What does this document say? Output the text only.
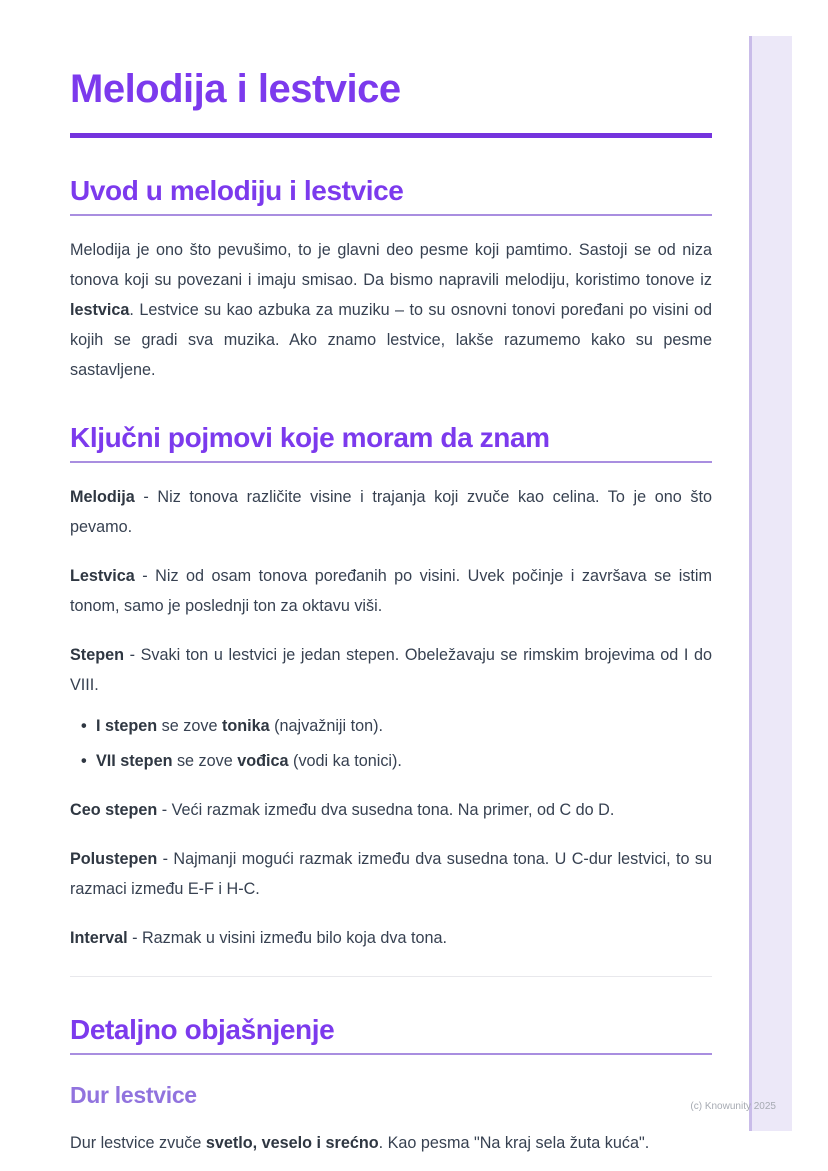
Melodija i lestvice
Uvod u melodiju i lestvice

Melodija je ono što pevušimo, to je glavni deo pesme koji pamtimo. Sastoji se od niza tonova koji su povezani i imaju smisao. Da bismo napravili melodiju, koristimo tonove iz lestvica. Lestvice su kao azbuka za muziku – to su osnovni tonovi poređani po visini od kojih se gradi sva muzika. Ako znamo lestvice, lakše razumemo kako su pesme sastavljene.

Ključni pojmovi koje moram da znam

Melodija - Niz tonova različite visine i trajanja koji zvuče kao celina. To je ono što pevamo.

Lestvica - Niz od osam tonova poređanih po visini. Uvek počinje i završava se istim tonom, samo je poslednji ton za oktavu viši.

Stepen - Svaki ton u lestvici je jedan stepen. Obeležavaju se rimskim brojevima od I do VIII.

• I stepen se zove tonika (najvažniji ton).
• VII stepen se zove vođica (vodi ka tonici).

Ceo stepen - Veći razmak između dva susedna tona. Na primer, od C do D.

Polustepen - Najmanji mogući razmak između dva susedna tona. U C-dur lestvici, to su razmaci između E-F i H-C.

Interval - Razmak u visini između bilo koja dva tona.

Detaljno objašnjenje
Dur lestvice

Dur lestvice zvuče svetlo, veselo i srećno. Kao pesma "Na kraj sela žuta kuća".

(c) Knowunity 2025
